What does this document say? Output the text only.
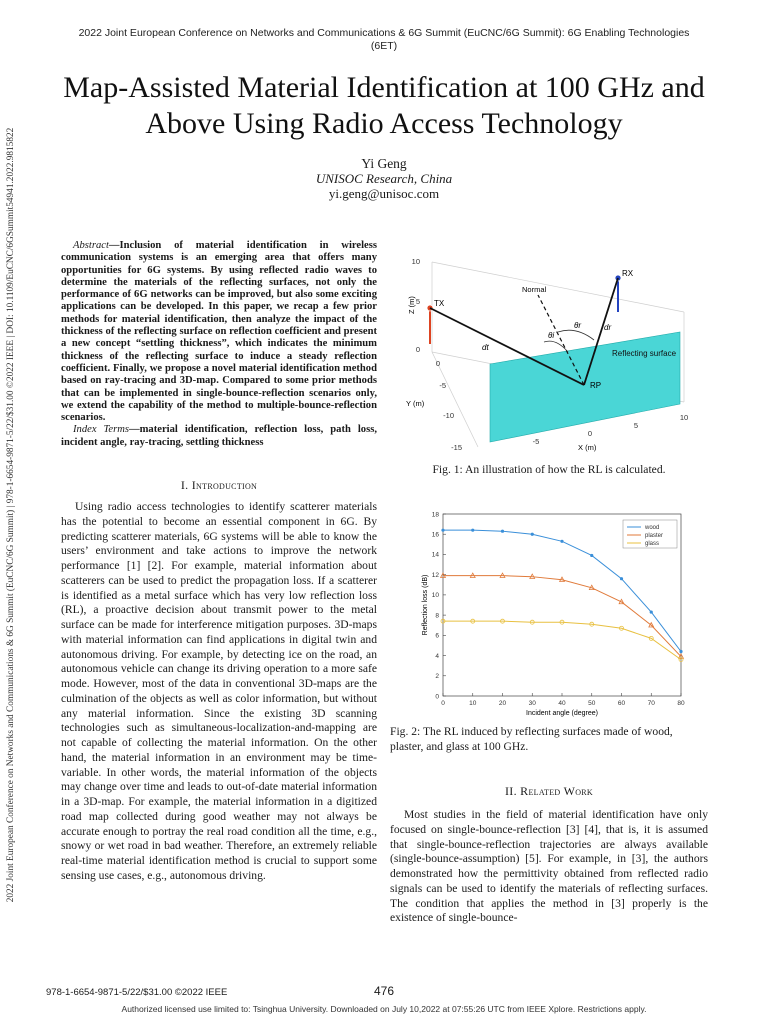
2022 Joint European Conference on Networks and Communications & 6G Summit (EuCNC/6G Summit): 6G Enabling Technologies
(6ET)
2022 Joint European Conference on Networks and Communications & 6G Summit (EuCNC/6G Summit) | 978-1-6654-9871-5/22/$31.00 ©2022 IEEE | DOI: 10.1109/EuCNC/6GSummit54941.2022.9815822
Map-Assisted Material Identification at 100 GHz and Above Using Radio Access Technology
Yi Geng
UNISOC Research, China
yi.geng@unisoc.com

Abstract—Inclusion of material identification in wireless communication systems is an emerging area that offers many opportunities for 6G systems. By using reflected radio waves to determine the materials of the reflecting surfaces, not only the performance of 6G networks can be improved, but also some exciting applications can be developed. In this paper, we recap a few prior methods for material identification, then analyze the impact of the thickness of the reflecting surface on reflection coefficient and present a new concept “settling thickness”, which indicates the minimum thickness of the reflecting surface to induce a steady reflection coefficient. Finally, we propose a novel material identification method based on ray-tracing and 3D-map. Compared to some prior methods that can be implemented in single-bounce-reflection scenarios only, we extend the capability of the method to multiple-bounce-reflection scenarios.

Index Terms—material identification, reflection loss, path loss, incident angle, ray-tracing, settling thickness

I. Introduction

Using radio access technologies to identify scatterer materials has the potential to become an essential component in 6G. By predicting scatterer materials, 6G systems will be able to know the users’ environment and take actions to improve the network performance [1] [2]. For example, material information about scatterers can be used to predict the propagation loss. If a scatterer is identified as a metal surface which has very low reflection loss (RL), a proactive decision about transmit power to the metal surface can be made for interference mitigation purposes. 3D-maps with material information can find applications in digital twin and autonomous driving. For example, by detecting ice on the road, an autonomous vehicle can change its driving operation to a more safe mode. However, most of the data in conventional 3D-maps are the culmination of the objects as well as color information, but without any material information. Since the existing 3D scanning technologies such as simultaneous-localization-and-mapping are not capable of collecting the material information. On the other hand, the material information in an environment may be time-variable. In other words, the material information of the objects may change over time and leads to out-of-date material information in a 3D-map. For example, the material information in a digitized road map collected during good weather may not always be accurate enough to portray the real road condition all the time, e.g., snowy or wet road in bad weather. Therefore, an extremely reliable real-time material identification method is crucial to support some sensing use cases, e.g., autonomous driving.

Reflecting surface
TX
RX
Normal
θi
θr
dt
dr
RP
Z (m)
Y (m)
X (m)
10
5
0
0
-5
-10
-15
-5
0
5
10
Fig. 1: An illustration of how the RL is calculated.
0	10	20	30	40	50	60	70	80
0
2
4
6
8
10
12
14
16
18
Incident angle (degree)
Reflection loss (dB)
wood
plaster
glass
Fig. 2: The RL induced by reflecting surfaces made of wood, plaster, and glass at 100 GHz.
II. Related Work

Most studies in the field of material identification have only focused on single-bounce-reflection [3] [4], that is, it is assumed that single-bounce-reflection trajectories are always available (single-bounce-assumption) [5]. For example, in [3], the authors demonstrated how the permittivity obtained from reflected radio signals can be used to identify the materials of reflecting surfaces. The condition that applies the method in [3] properly is the existence of single-bounce-

978-1-6654-9871-5/22/$31.00 ©2022 IEEE	476
Authorized licensed use limited to: Tsinghua University. Downloaded on July 10,2022 at 07:55:26 UTC from IEEE Xplore. Restrictions apply.
